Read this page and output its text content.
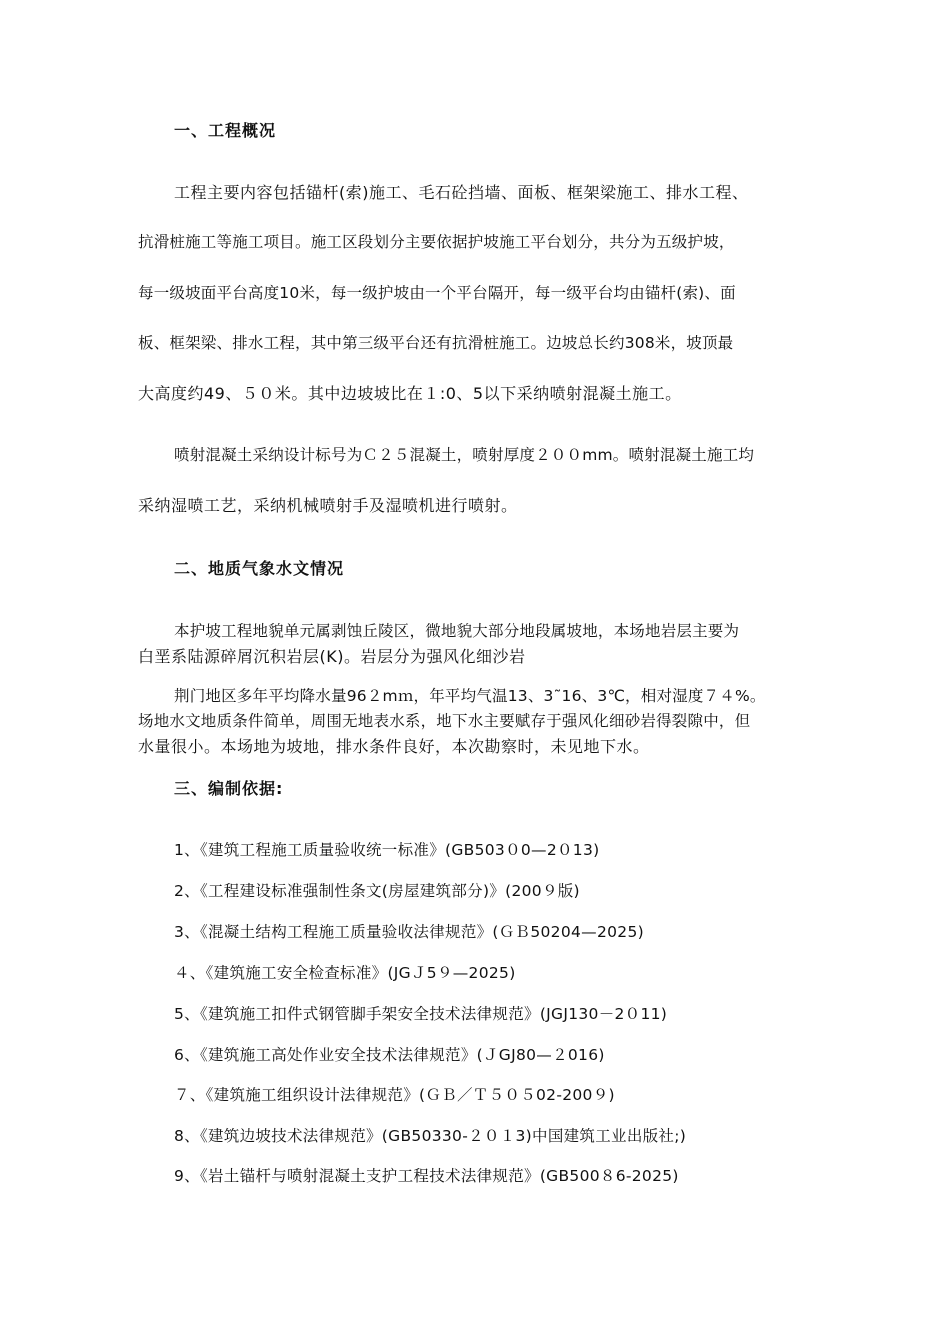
一、工程概况
工程主要内容包括锚杆(索)施工、毛石砼挡墙、面板、框架梁施工、排水工程、
抗滑桩施工等施工项目。施工区段划分主要依据护坡施工平台划分，共分为五级护坡，
每一级坡面平台高度10米，每一级护坡由一个平台隔开，每一级平台均由锚杆(索)、面
板、框架梁、排水工程，其中第三级平台还有抗滑桩施工。边坡总长约308米，坡顶最
大高度约49、５０米。其中边坡坡比在１:0、5以下采纳喷射混凝土施工。
喷射混凝土采纳设计标号为Ｃ２５混凝土，喷射厚度２００mm。喷射混凝土施工均
采纳湿喷工艺，采纳机械喷射手及湿喷机进行喷射。
二、地质气象水文情况
本护坡工程地貌单元属剥蚀丘陵区，微地貌大部分地段属坡地，本场地岩层主要为
白垩系陆源碎屑沉积岩层(K)。岩层分为强风化细沙岩
荆门地区多年平均降水量96２mｍ，年平均气温13、3˜16、3℃，相对湿度７４%。
场地水文地质条件简单，周围无地表水系，地下水主要赋存于强风化细砂岩得裂隙中，但
水量很小。本场地为坡地，排水条件良好，本次勘察时，未见地下水。
三、编制依据:
1、《建筑工程施工质量验收统一标准》(GB503０0—2０13)
2、《工程建设标准强制性条文(房屋建筑部分)》(200９版)
3、《混凝土结构工程施工质量验收法律规范》(ＧＢ50204—2025)
４、《建筑施工安全检查标准》(JGＪ5９—2025)
5、《建筑施工扣件式钢管脚手架安全技术法律规范》(JGJ130－2０11)
6、《建筑施工高处作业安全技术法律规范》(ＪGJ80—２016)
７、《建筑施工组织设计法律规范》(ＧＢ／Ｔ５０５02-200９)
8、《建筑边坡技术法律规范》(GB50330-２０１3)中国建筑工业出版社;)
9、《岩土锚杆与喷射混凝土支护工程技术法律规范》(GB500８6-2025)
